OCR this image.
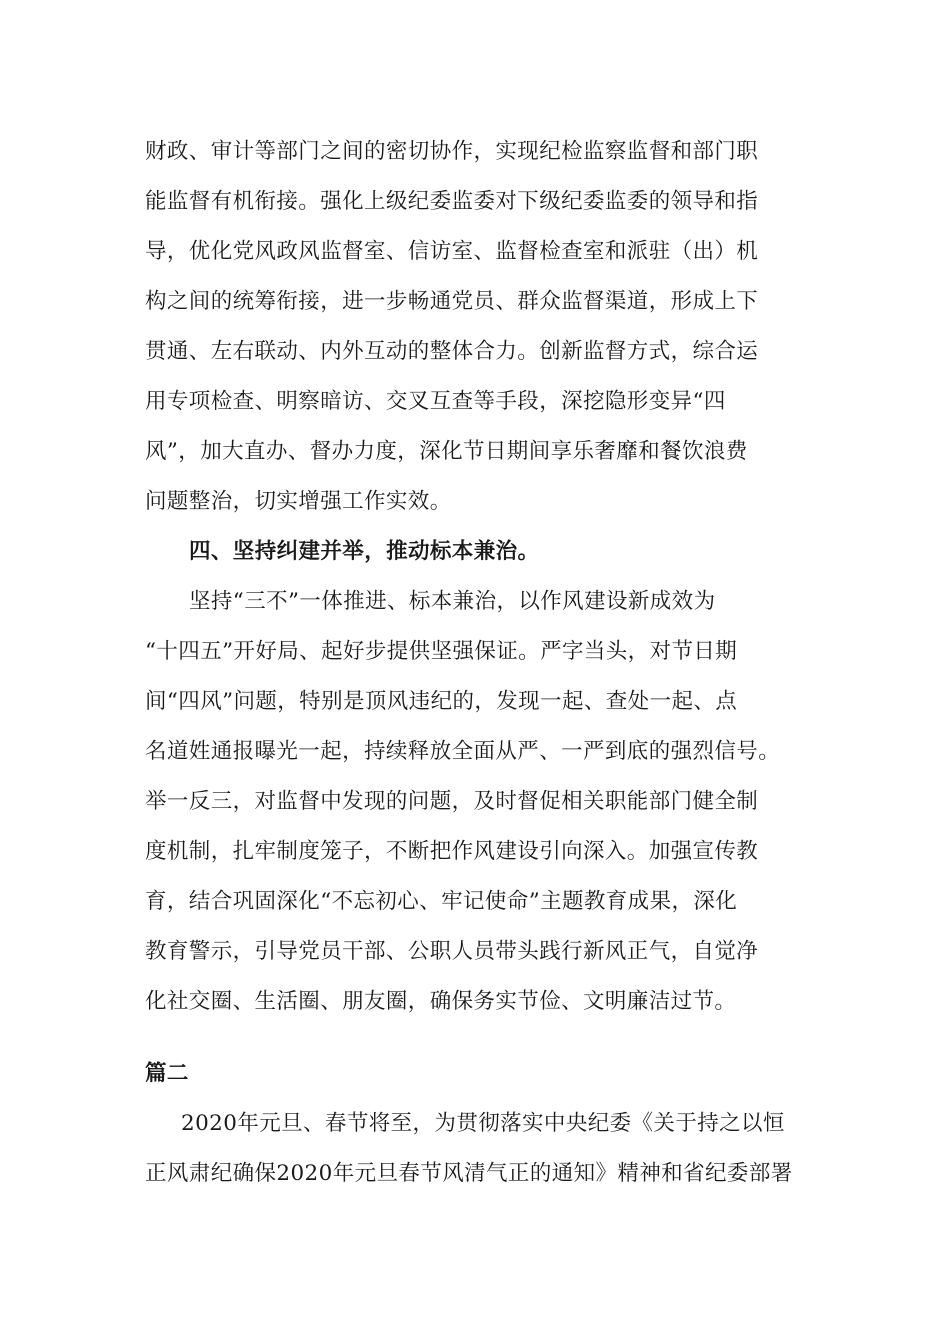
财政、审计等部门之间的密切协作，实现纪检监察监督和部门职
能监督有机衔接。强化上级纪委监委对下级纪委监委的领导和指
导，优化党风政风监督室、信访室、监督检查室和派驻（出）机
构之间的统筹衔接，进一步畅通党员、群众监督渠道，形成上下
贯通、左右联动、内外互动的整体合力。创新监督方式，综合运
用专项检查、明察暗访、交叉互查等手段，深挖隐形变异“四
风”，加大直办、督办力度，深化节日期间享乐奢靡和餐饮浪费
问题整治，切实增强工作实效。
四、坚持纠建并举，推动标本兼治。
坚持“三不”一体推进、标本兼治，以作风建设新成效为
“十四五”开好局、起好步提供坚强保证。严字当头，对节日期
间“四风”问题，特别是顶风违纪的，发现一起、查处一起、点
名道姓通报曝光一起，持续释放全面从严、一严到底的强烈信号。
举一反三，对监督中发现的问题，及时督促相关职能部门健全制
度机制，扎牢制度笼子，不断把作风建设引向深入。加强宣传教
育，结合巩固深化“不忘初心、牢记使命”主题教育成果，深化
教育警示，引导党员干部、公职人员带头践行新风正气，自觉净
化社交圈、生活圈、朋友圈，确保务实节俭、文明廉洁过节。
篇二
2020年元旦、春节将至，为贯彻落实中央纪委《关于持之以恒
正风肃纪确保2020年元旦春节风清气正的通知》精神和省纪委部署
